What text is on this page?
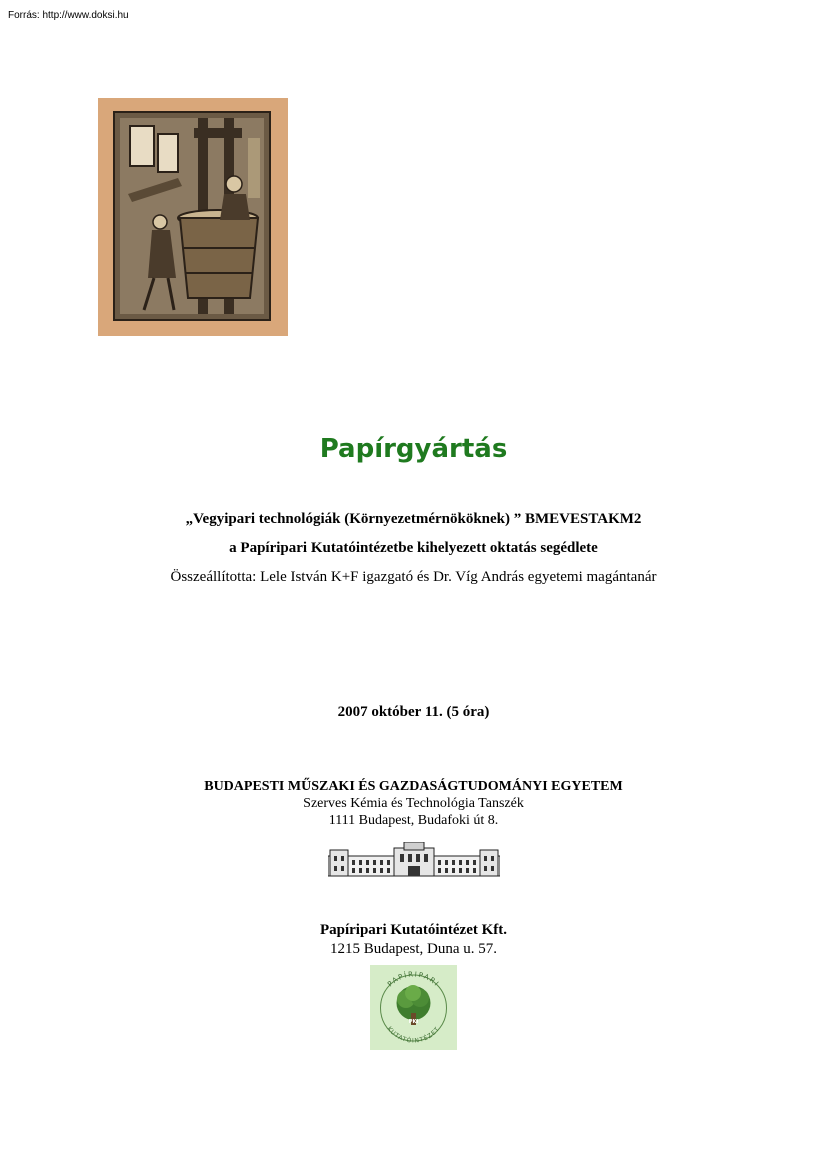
Forrás: http://www.doksi.hu
Papírgyártás
„Vegyipari technológiák (Környezetmérnököknek) ” BMEVESTAKM2
a Papíripari Kutatóintézetbe kihelyezett oktatás segédlete
Összeállította: Lele István K+F igazgató és Dr. Víg András egyetemi magántanár
2007 október 11. (5 óra)
BUDAPESTI MŰSZAKI ÉS GAZDASÁGTUDOMÁNYI EGYETEM
Szerves Kémia és Technológia Tanszék
1111 Budapest, Budafoki út 8.
Papíripari Kutatóintézet Kft.
1215 Budapest, Duna u. 57.
PAPÍRIPARI
KUTATÓINTÉZET
PKI
